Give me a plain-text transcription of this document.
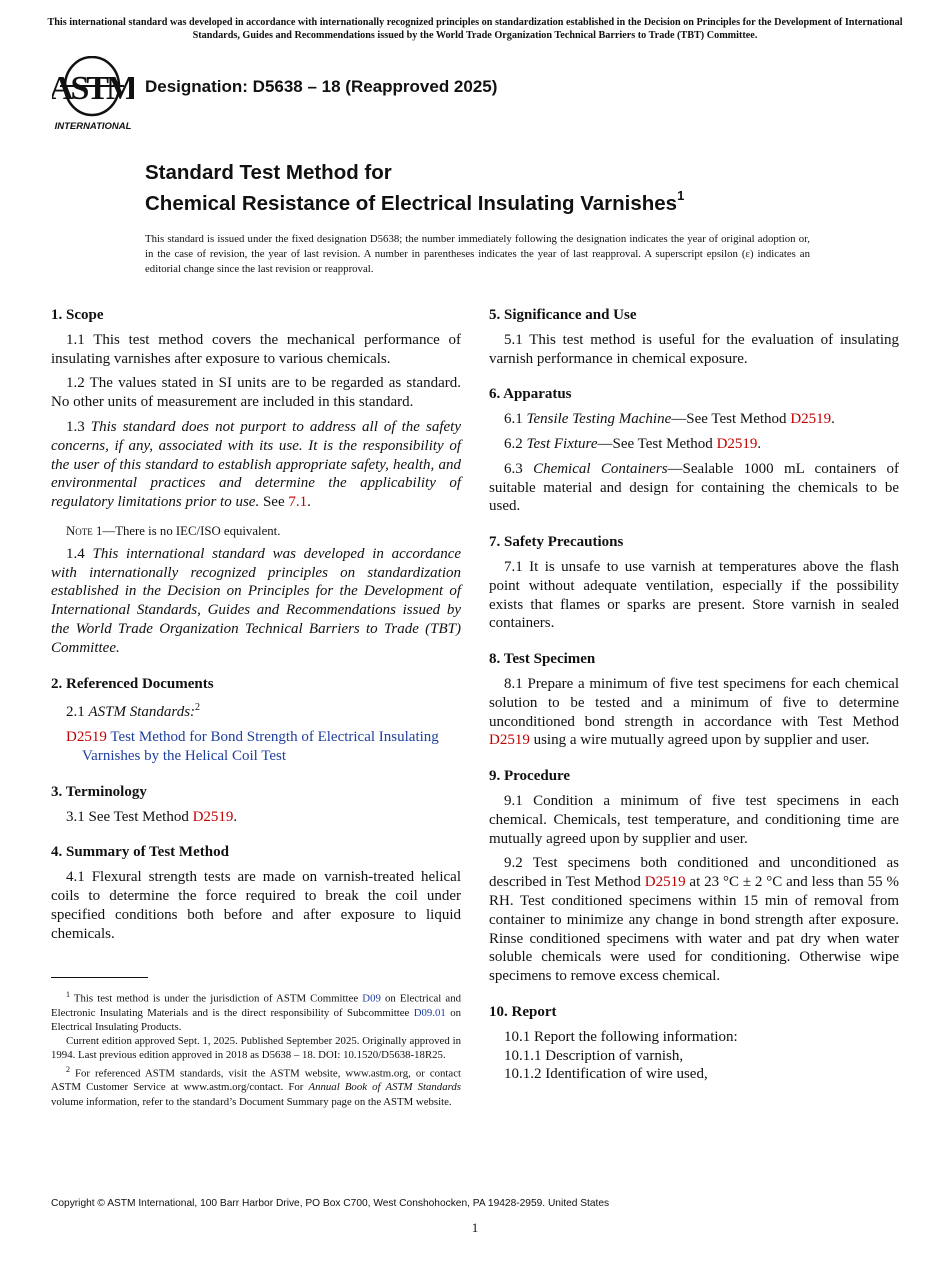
This international standard was developed in accordance with internationally recognized principles on standardization established in the Decision on Principles for the Development of International Standards, Guides and Recommendations issued by the World Trade Organization Technical Barriers to Trade (TBT) Committee.
ASTM
INTERNATIONAL
Designation: D5638 – 18 (Reapproved 2025)
Standard Test Method for
Chemical Resistance of Electrical Insulating Varnishes$^1$
This standard is issued under the fixed designation D5638; the number immediately following the designation indicates the year of original adoption or, in the case of revision, the year of last revision. A number in parentheses indicates the year of last reapproval. A superscript epsilon (ε) indicates an editorial change since the last revision or reapproval.
1. Scope

1.1 This test method covers the mechanical performance of insulating varnishes after exposure to various chemicals.

1.2 The values stated in SI units are to be regarded as standard. No other units of measurement are included in this standard.

1.3 This standard does not purport to address all of the safety concerns, if any, associated with its use. It is the responsibility of the user of this standard to establish appropriate safety, health, and environmental practices and determine the applicability of regulatory limitations prior to use. See 7.1.

Note 1—There is no IEC/ISO equivalent.

1.4 This international standard was developed in accordance with internationally recognized principles on standardization established in the Decision on Principles for the Development of International Standards, Guides and Recommendations issued by the World Trade Organization Technical Barriers to Trade (TBT) Committee.

2. Referenced Documents

2.1 ASTM Standards:$^2$

D2519 Test Method for Bond Strength of Electrical Insulating Varnishes by the Helical Coil Test
3. Terminology

3.1 See Test Method D2519.

4. Summary of Test Method

4.1 Flexural strength tests are made on varnish-treated helical coils to determine the force required to break the coil under specified conditions both before and after exposure to liquid chemicals.

$^1$ This test method is under the jurisdiction of ASTM Committee D09 on Electrical and Electronic Insulating Materials and is the direct responsibility of Subcommittee D09.01 on Electrical Insulating Products.

Current edition approved Sept. 1, 2025. Published September 2025. Originally approved in 1994. Last previous edition approved in 2018 as D5638 – 18. DOI: 10.1520/D5638-18R25.

$^2$ For referenced ASTM standards, visit the ASTM website, www.astm.org, or contact ASTM Customer Service at www.astm.org/contact. For Annual Book of ASTM Standards volume information, refer to the standard’s Document Summary page on the ASTM website.

5. Significance and Use

5.1 This test method is useful for the evaluation of insulating varnish performance in chemical exposure.

6. Apparatus

6.1 Tensile Testing Machine—See Test Method D2519.

6.2 Test Fixture—See Test Method D2519.

6.3 Chemical Containers—Sealable 1000 mL containers of suitable material and design for containing the chemicals to be used.

7. Safety Precautions

7.1 It is unsafe to use varnish at temperatures above the flash point without adequate ventilation, especially if the possibility exists that flames or sparks are present. Store varnish in sealed containers.

8. Test Specimen

8.1 Prepare a minimum of five test specimens for each chemical solution to be tested and a minimum of five to determine unconditioned bond strength in accordance with Test Method D2519 using a wire mutually agreed upon by supplier and user.

9. Procedure

9.1 Condition a minimum of five test specimens in each chemical. Chemicals, test temperature, and conditioning time are mutually agreed upon by supplier and user.

9.2 Test specimens both conditioned and unconditioned as described in Test Method D2519 at 23 °C ± 2 °C and less than 55 % RH. Test conditioned specimens within 15 min of removal from container to minimize any change in bond strength after exposure. Rinse conditioned specimens with water and pat dry when water soluble chemicals were used for conditioning. Otherwise wipe specimens to remove excess chemical.

10. Report
10.1 Report the following information:
10.1.1 Description of varnish,
10.1.2 Identification of wire used,
Copyright © ASTM International, 100 Barr Harbor Drive, PO Box C700, West Conshohocken, PA 19428-2959. United States
1
